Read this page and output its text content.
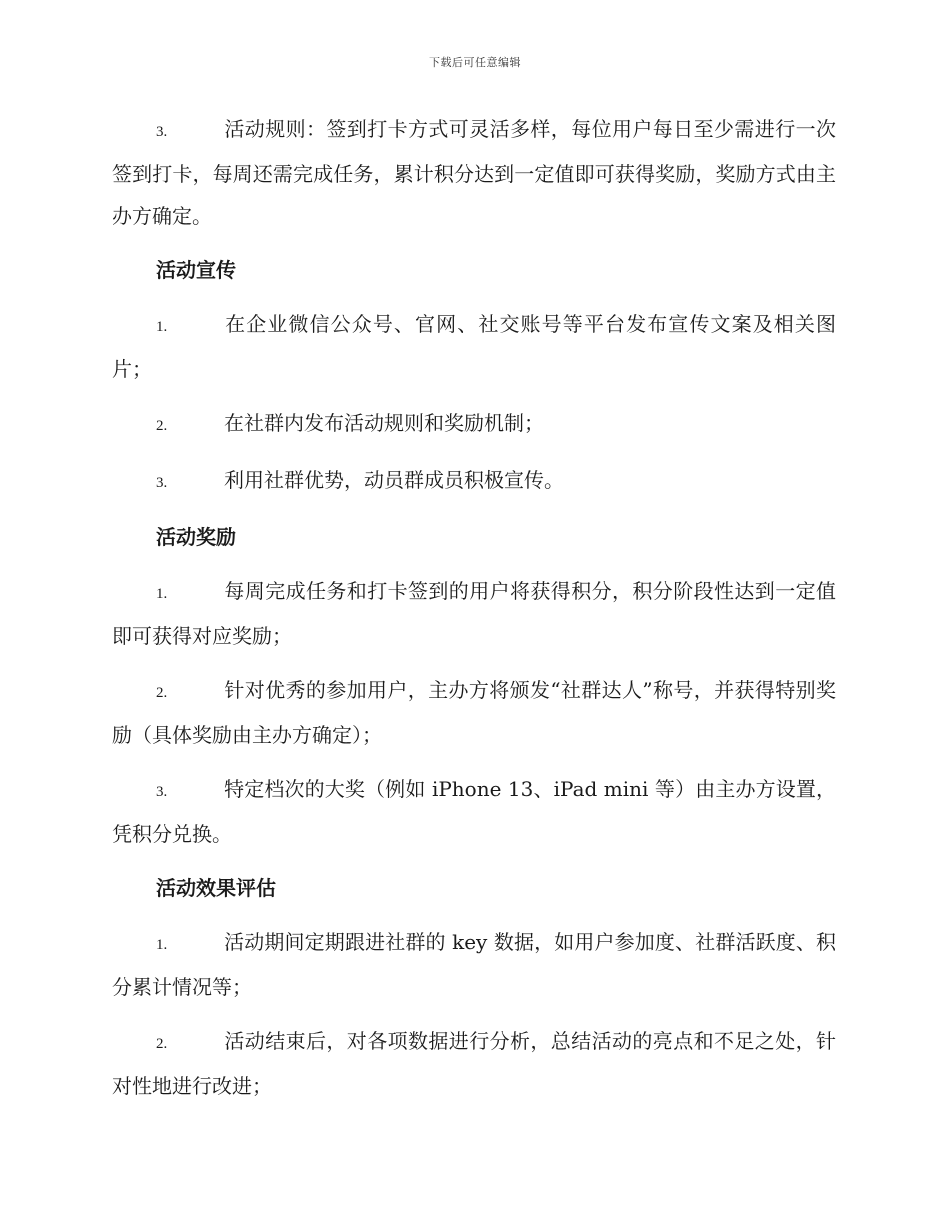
下载后可任意编辑

3.	活动规则：签到打卡方式可灵活多样，每位用户每日至少需进行一次签到打卡，每周还需完成任务，累计积分达到一定值即可获得奖励，奖励方式由主办方确定。

活动宣传

1.	在企业微信公众号、官网、社交账号等平台发布宣传文案及相关图片；

2.	在社群内发布活动规则和奖励机制；

3.	利用社群优势，动员群成员积极宣传。

活动奖励

1.	每周完成任务和打卡签到的用户将获得积分，积分阶段性达到一定值即可获得对应奖励；

2.	针对优秀的参加用户，主办方将颁发“社群达人”称号，并获得特别奖励（具体奖励由主办方确定）；

3.	特定档次的大奖（例如 iPhone 13、iPad mini 等）由主办方设置，凭积分兑换。

活动效果评估

1.	活动期间定期跟进社群的 key 数据，如用户参加度、社群活跃度、积分累计情况等；

2.	活动结束后，对各项数据进行分析，总结活动的亮点和不足之处，针对性地进行改进；
